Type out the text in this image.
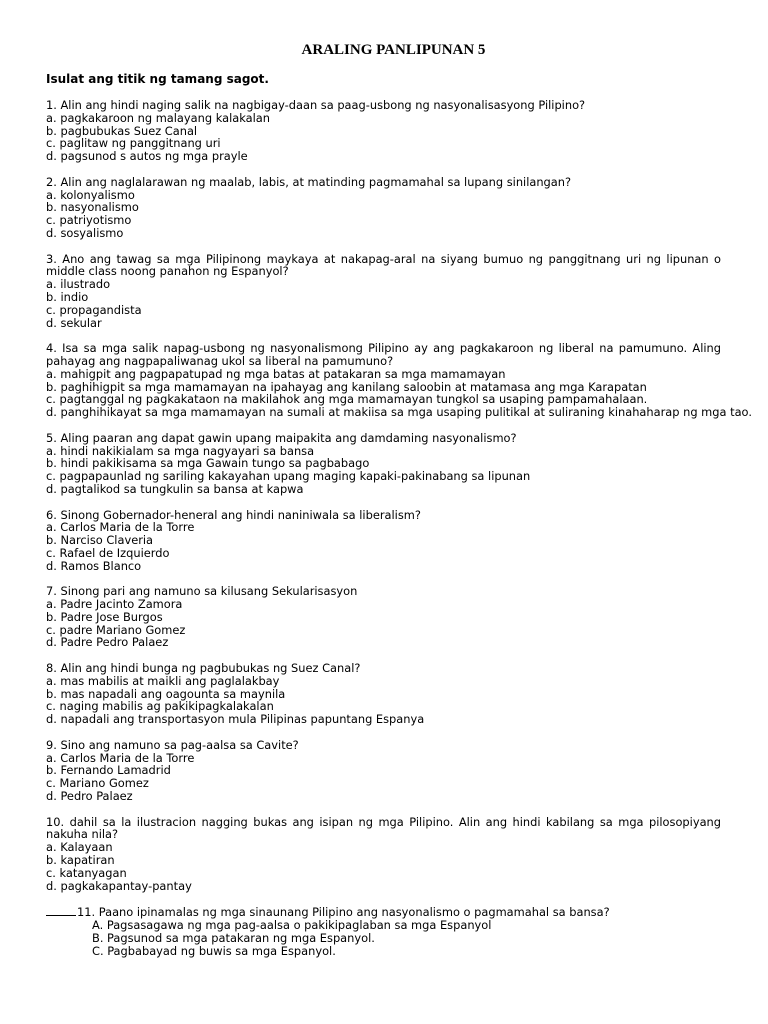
ARALING PANLIPUNAN 5
Isulat ang titik ng tamang sagot.
1. Alin ang hindi naging salik na nagbigay-daan sa paag-usbong ng nasyonalisasyong Pilipino?
a. pagkakaroon ng malayang kalakalan
b. pagbubukas Suez Canal
c. paglitaw ng panggitnang uri
d. pagsunod s autos ng mga prayle
2. Alin ang naglalarawan ng maalab, labis, at matinding pagmamahal sa lupang sinilangan?
a. kolonyalismo
b. nasyonalismo
c. patriyotismo
d. sosyalismo
3. Ano ang tawag sa mga Pilipinong maykaya at nakapag-aral na siyang bumuo ng panggitnang uri ng lipunan o middle class noong panahon ng Espanyol?
a. ilustrado
b. indio
c. propagandista
d. sekular
4. Isa sa mga salik napag-usbong ng nasyonalismong Pilipino ay ang pagkakaroon ng liberal na pamumuno. Aling pahayag ang nagpapaliwanag ukol sa liberal na pamumuno?
a. mahigpit ang pagpapatupad ng mga batas at patakaran sa mga mamamayan
b. paghihigpit sa mga mamamayan na ipahayag ang kanilang saloobin at matamasa ang mga Karapatan
c. pagtanggal ng pagkakataon na makilahok ang mga mamamayan tungkol sa usaping pampamahalaan.
d. panghihikayat sa mga mamamayan na sumali at makiisa sa mga usaping pulitikal at suliraning kinahaharap ng mga tao.
5. Aling paaran ang dapat gawin upang maipakita ang damdaming nasyonalismo?
a. hindi nakikialam sa mga nagyayari sa bansa
b. hindi pakikisama sa mga Gawain tungo sa pagbabago
c. pagpapaunlad ng sariling kakayahan upang maging kapaki-pakinabang sa lipunan
d. pagtalikod sa tungkulin sa bansa at kapwa
6. Sinong Gobernador-heneral ang hindi naniniwala sa liberalism?
a. Carlos Maria de la Torre
b. Narciso Claveria
c. Rafael de Izquierdo
d. Ramos Blanco
7. Sinong pari ang namuno sa kilusang Sekularisasyon
a. Padre Jacinto Zamora
b. Padre Jose Burgos
c. padre Mariano Gomez
d. Padre Pedro Palaez
8. Alin ang hindi bunga ng pagbubukas ng Suez Canal?
a. mas mabilis at maikli ang paglalakbay
b. mas napadali ang oagounta sa maynila
c. naging mabilis ag pakikipagkalakalan
d. napadali ang transportasyon mula Pilipinas papuntang Espanya
9. Sino ang namuno sa pag-aalsa sa Cavite?
a. Carlos Maria de la Torre
b. Fernando Lamadrid
c. Mariano Gomez
d. Pedro Palaez
10. dahil sa la ilustracion nagging bukas ang isipan ng mga Pilipino. Alin ang hindi kabilang sa mga pilosopiyang nakuha nila?
a. Kalayaan
b. kapatiran
c. katanyagan
d. pagkakapantay-pantay
11. Paano ipinamalas ng mga sinaunang Pilipino ang nasyonalismo o pagmamahal sa bansa?
A. Pagsasagawa ng mga pag-aalsa o pakikipaglaban sa mga Espanyol
B. Pagsunod sa mga patakaran ng mga Espanyol.
C. Pagbabayad ng buwis sa mga Espanyol.
